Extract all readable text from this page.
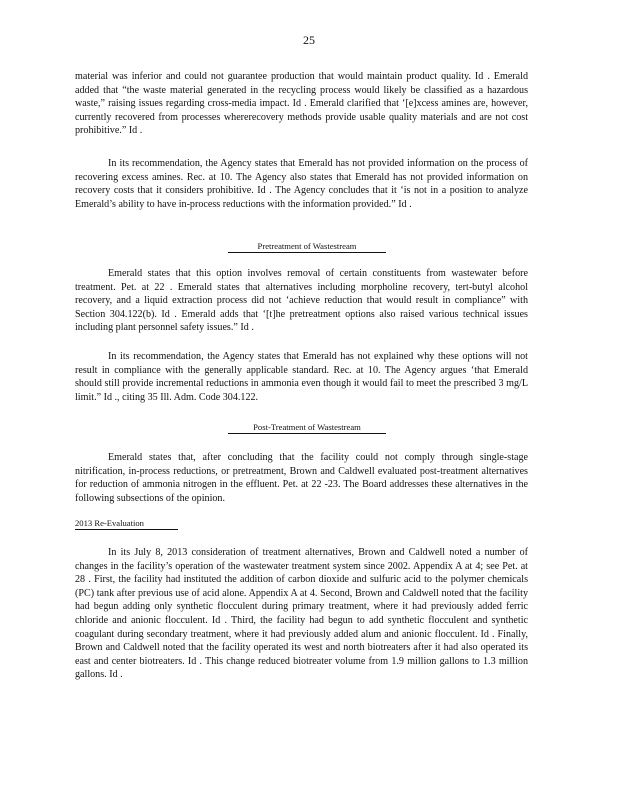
25

material was inferior and could not guarantee production that would maintain product quality. Id . Emerald added that “the waste material generated in the recycling process would likely be classified as a hazardous waste,” raising issues regarding cross-media impact. Id . Emerald clarified that ‘[e]xcess amines are, however, currently recovered from processes whererecovery methods provide usable quality materials and are not cost prohibitive.” Id .

In its recommendation, the Agency states that Emerald has not provided information on the process of recovering excess amines. Rec. at 10. The Agency also states that Emerald has not provided information on recovery costs that it considers prohibitive. Id . The Agency concludes that it ‘is not in a position to analyze Emerald’s ability to have in-process reductions with the information provided.” Id .

Pretreatment of Wastestream

Emerald states that this option involves removal of certain constituents from wastewater before treatment. Pet. at 22 . Emerald states that alternatives including morpholine recovery, tert-butyl alcohol recovery, and a liquid extraction process did not ‘achieve reduction that would result in compliance” with Section 304.122(b). Id . Emerald adds that ‘[t]he pretreatment options also raised various technical issues including plant personnel safety issues.” Id .

In its recommendation, the Agency states that Emerald has not explained why these options will not result in compliance with the generally applicable standard. Rec. at 10. The Agency argues ‘that Emerald should still provide incremental reductions in ammonia even though it would fail to meet the prescribed 3 mg/L limit.” Id ., citing 35 Ill. Adm. Code 304.122.

Post-Treatment of Wastestream

Emerald states that, after concluding that the facility could not comply through single-stage nitrification, in-process reductions, or pretreatment, Brown and Caldwell evaluated post-treatment alternatives for reduction of ammonia nitrogen in the effluent. Pet. at 22 -23. The Board addresses these alternatives in the following subsections of the opinion.

2013 Re-Evaluation

In its July 8, 2013 consideration of treatment alternatives, Brown and Caldwell noted a number of changes in the facility’s operation of the wastewater treatment system since 2002. Appendix A at 4; see Pet. at 28 . First, the facility had instituted the addition of carbon dioxide and sulfuric acid to the polymer chemicals (PC) tank after previous use of acid alone. Appendix A at 4. Second, Brown and Caldwell noted that the facility had begun adding only synthetic flocculent during primary treatment, where it had previously added ferric chloride and anionic flocculent. Id . Third, the facility had begun to add synthetic flocculent and synthetic coagulant during secondary treatment, where it had previously added alum and anionic flocculent. Id . Finally, Brown and Caldwell noted that the facility operated its west and north biotreaters after it had also operated its east and center biotreaters. Id . This change reduced biotreater volume from 1.9 million gallons to 1.3 million gallons. Id .
